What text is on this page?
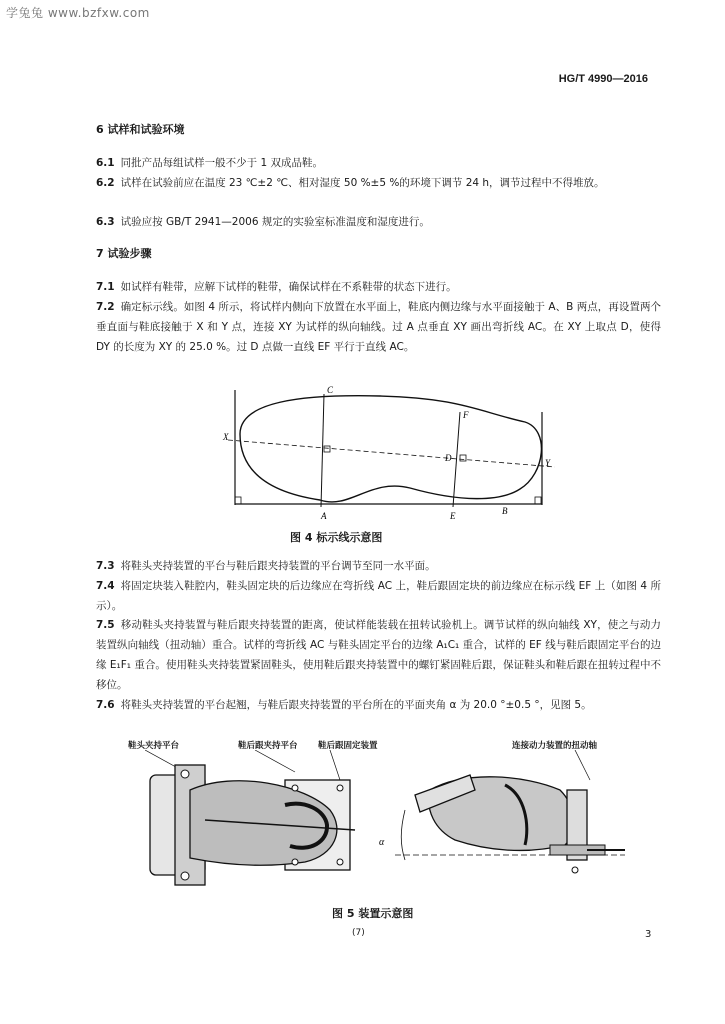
学兔兔 www.bzfxw.com
HG/T 4990—2016
6 试样和试验环境
6.1 同批产品每组试样一般不少于 1 双成品鞋。
6.2 试样在试验前应在温度 23 ℃±2 ℃、相对湿度 50 %±5 %的环境下调节 24 h，调节过程中不得堆放。
6.3 试验应按 GB/T 2941—2006 规定的实验室标准温度和湿度进行。
7 试验步骤
7.1 如试样有鞋带，应解下试样的鞋带，确保试样在不系鞋带的状态下进行。
7.2 确定标示线。如图 4 所示，将试样内侧向下放置在水平面上，鞋底内侧边缘与水平面接触于 A、B 两点，再设置两个垂直面与鞋底接触于 X 和 Y 点，连接 XY 为试样的纵向轴线。过 A 点垂直 XY 画出弯折线 AC。在 XY 上取点 D，使得 DY 的长度为 XY 的 25.0 %。过 D 点做一直线 EF 平行于直线 AC。
C
F
X
D	Y
A	E	B
图 4 标示线示意图
7.3 将鞋头夹持装置的平台与鞋后跟夹持装置的平台调节至同一水平面。
7.4 将固定块装入鞋腔内，鞋头固定块的后边缘应在弯折线 AC 上，鞋后跟固定块的前边缘应在标示线 EF 上（如图 4 所示）。
7.5 移动鞋头夹持装置与鞋后跟夹持装置的距离，使试样能装载在扭转试验机上。调节试样的纵向轴线 XY，使之与动力装置纵向轴线（扭动轴）重合。试样的弯折线 AC 与鞋头固定平台的边缘 A₁C₁ 重合，试样的 EF 线与鞋后跟固定平台的边缘 E₁F₁ 重合。使用鞋头夹持装置紧固鞋头，使用鞋后跟夹持装置中的螺钉紧固鞋后跟，保证鞋头和鞋后跟在扭转过程中不移位。
7.6 将鞋头夹持装置的平台起翘，与鞋后跟夹持装置的平台所在的平面夹角 α 为 20.0 °±0.5 °，见图 5。
鞋头夹持平台	鞋后跟夹持平台 鞋后跟固定装置	连接动力装置的扭动轴
α
图 5 装置示意图
(7)	3
